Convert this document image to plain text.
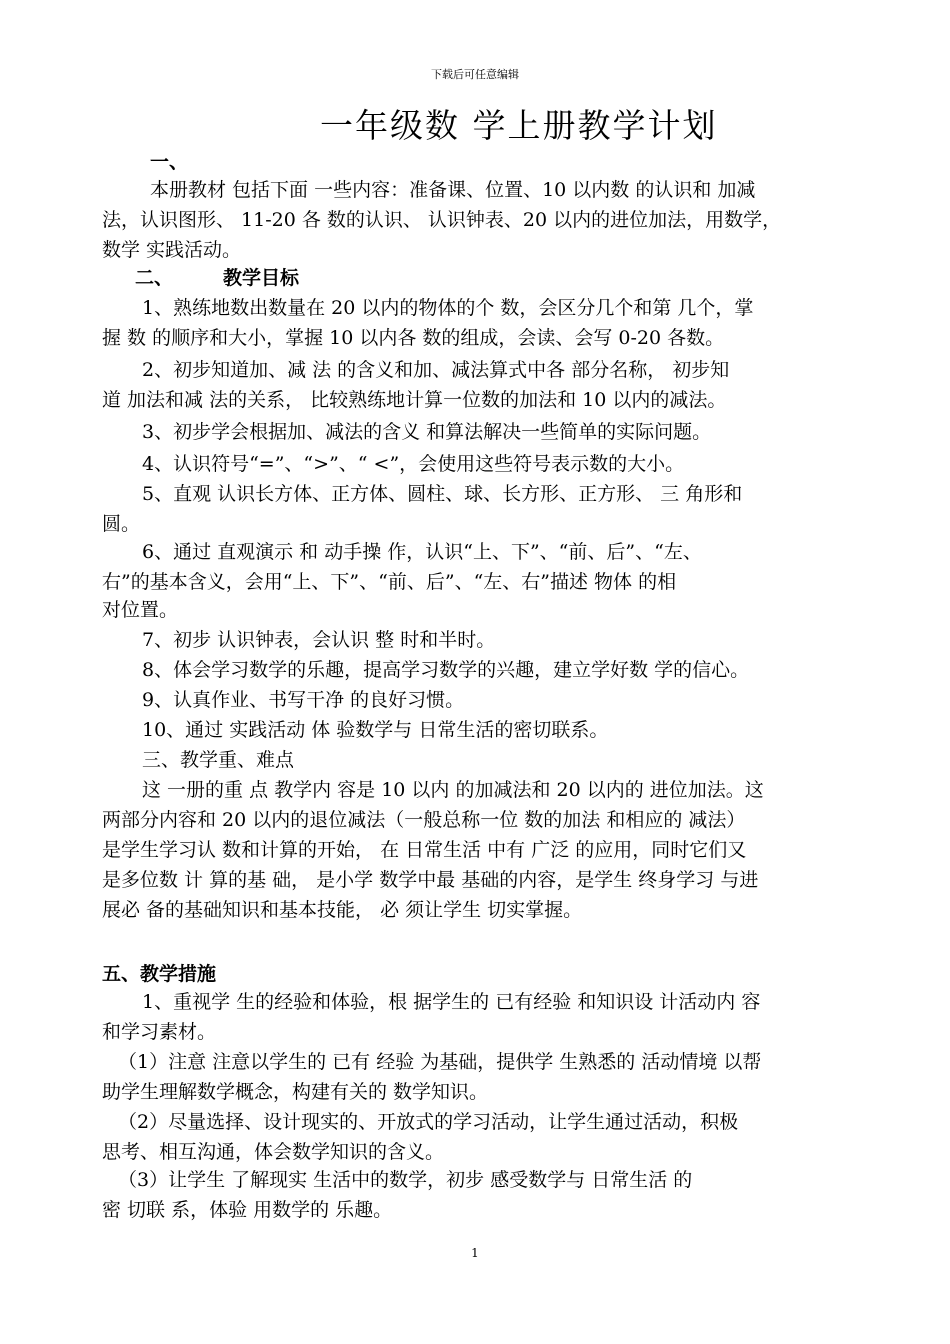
下载后可任意编辑
一年级数 学上册教学计划
一、
本册教材 包括下面 一些内容：准备课、位置、10 以内数 的认识和 加减
法，认识图形、 11-20 各 数的认识、 认识钟表、20 以内的进位加法，用数学，
数学 实践活动。
二、	教学目标
1、熟练地数出数量在 20 以内的物体的个 数，会区分几个和第 几个，掌
握 数 的顺序和大小，掌握 10 以内各 数的组成，会读、会写 0-20 各数。
2、初步知道加、减 法 的含义和加、减法算式中各 部分名称， 初步知
道 加法和减 法的关系， 比较熟练地计算一位数的加法和 10 以内的减法。
3、初步学会根据加、减法的含义 和算法解决一些简单的实际问题。
4、认识符号“=”、“>”、“ <”，会使用这些符号表示数的大小。
5、直观 认识长方体、正方体、圆柱、球、长方形、正方形、 三 角形和
圆。
6、通过 直观演示 和 动手操 作，认识“上、下”、“前、后”、“左、
右”的基本含义，会用“上、下”、“前、后”、“左、右”描述 物体 的相
对位置。
7、初步 认识钟表，会认识 整 时和半时。
8、体会学习数学的乐趣，提高学习数学的兴趣，建立学好数 学的信心。
9、认真作业、书写干净 的良好习惯。
10、通过 实践活动 体 验数学与 日常生活的密切联系。
三、教学重、难点
这 一册的重 点 教学内 容是 10 以内 的加减法和 20 以内的 进位加法。这
两部分内容和 20 以内的退位减法（一般总称一位 数的加法 和相应的 减法）
是学生学习认 数和计算的开始， 在 日常生活 中有 广泛 的应用，同时它们又
是多位数 计 算的基 础， 是小学 数学中最 基础的内容，是学生 终身学习 与进
展必 备的基础知识和基本技能， 必 须让学生 切实掌握。
五、教学措施
1、重视学 生的经验和体验，根 据学生的 已有经验 和知识设 计活动内 容
和学习素材。
（1）注意 注意以学生的 已有 经验 为基础，提供学 生熟悉的 活动情境 以帮
助学生理解数学概念，构建有关的 数学知识。
（2）尽量选择、设计现实的、开放式的学习活动，让学生通过活动，积极
思考、相互沟通，体会数学知识的含义。
（3）让学生 了解现实 生活中的数学，初步 感受数学与 日常生活 的
密 切联 系，体验 用数学的 乐趣。
1
